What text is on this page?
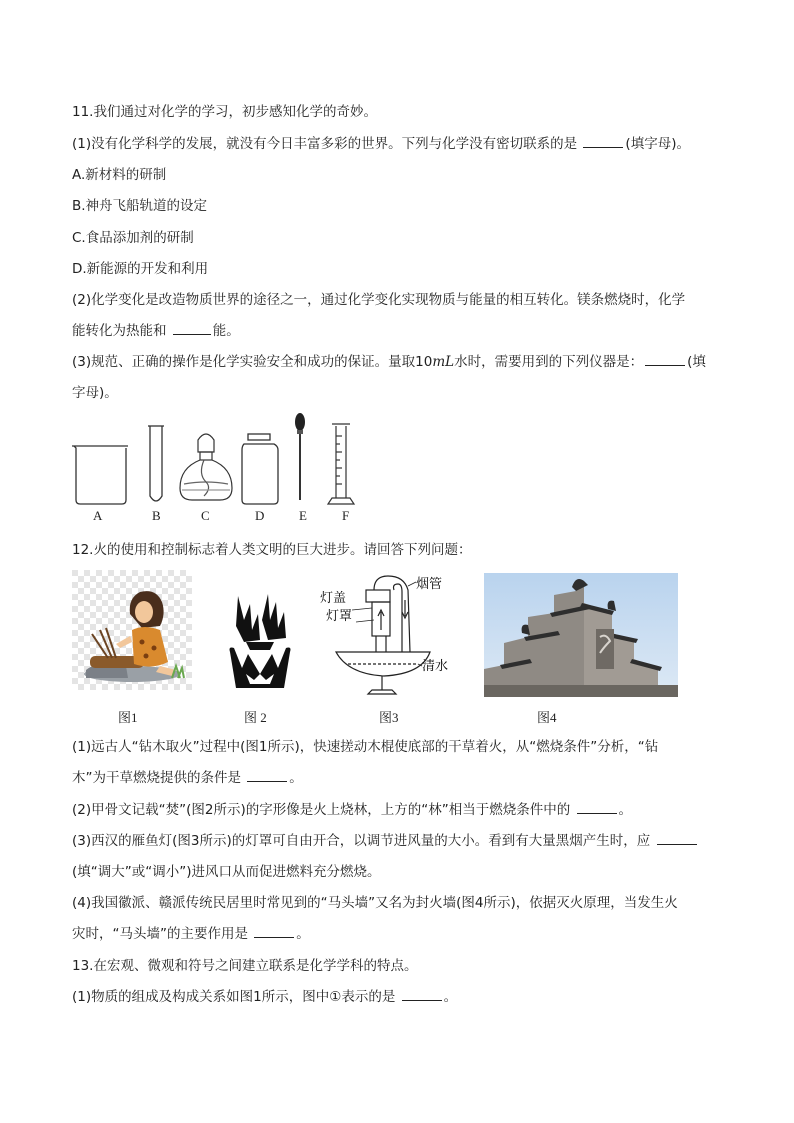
11.我们通过对化学的学习，初步感知化学的奇妙。
(1)没有化学科学的发展，就没有今日丰富多彩的世界。下列与化学没有密切联系的是	(填字母)。
A.新材料的研制
B.神舟飞船轨道的设定
C.食品添加剂的研制
D.新能源的开发和利用
(2)化学变化是改造物质世界的途径之一，通过化学变化实现物质与能量的相互转化。镁条燃烧时，化学
能转化为热能和	能。
(3)规范、正确的操作是化学实验安全和成功的保证。量取10mL水时，需要用到的下列仪器是：	(填
字母)。
A	B	C	D	E	F
12.火的使用和控制标志着人类文明的巨大进步。请回答下列问题：
灯盖
灯罩
烟管
清水
图1	图 2	图3	图4
(1)远古人“钻木取火”过程中(图1所示)，快速搓动木棍使底部的干草着火，从“燃烧条件”分析，“钻
木”为干草燃烧提供的条件是	。
(2)甲骨文记载“焚”(图2所示)的字形像是火上烧林，上方的“林”相当于燃烧条件中的	。
(3)西汉的雁鱼灯(图3所示)的灯罩可自由开合，以调节进风量的大小。看到有大量黑烟产生时，应
(填“调大”或“调小”)进风口从而促进燃料充分燃烧。
(4)我国徽派、赣派传统民居里时常见到的“马头墙”又名为封火墙(图4所示)，依据灭火原理，当发生火
灾时，“马头墙”的主要作用是	。
13.在宏观、微观和符号之间建立联系是化学学科的特点。
(1)物质的组成及构成关系如图1所示，图中①表示的是	。
